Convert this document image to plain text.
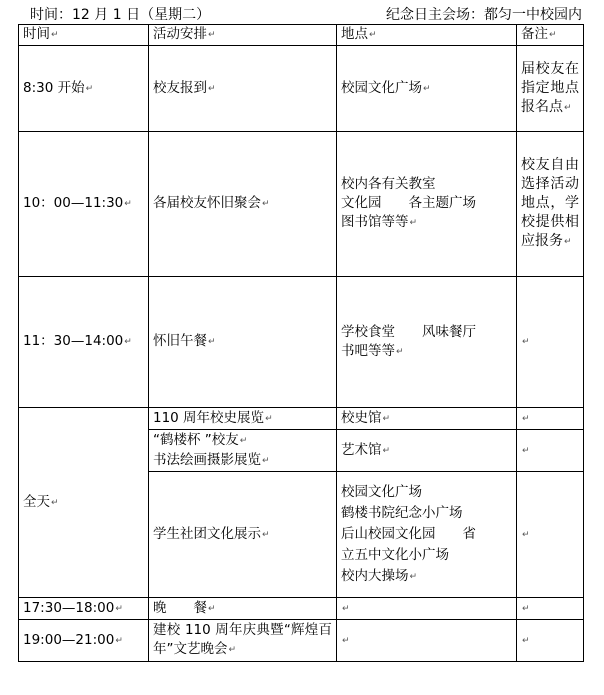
时间：12 月 1 日（星期二）	纪念日主会场：都匀一中校园内
时间↵	活动安排↵	地点↵	备注↵
8:30 开始↵	校友报到↵	校园文化广场↵	届校友在指定地点报名点↵
10：00—11:30↵	各届校友怀旧聚会↵	校内各有关教室
文化园　　各主题广场
图书馆等等↵	校友自由选择活动地点，学校提供相应报务↵
11：30—14:00↵	怀旧午餐↵	学校食堂　　风味餐厅
书吧等等↵	↵
全天↵	110 周年校史展览↵	校史馆↵	↵

	“鹤楼杯 ”校友↵
书法绘画摄影展览↵	艺术馆↵	↵
	学生社团文化展示↵	校园文化广场
鹤楼书院纪念小广场
后山校园文化园　　省
立五中文化小广场
校内大操场↵	↵
17:30—18:00↵	晚　　餐↵	↵	↵
19:00—21:00↵	建校 110 周年庆典暨“辉煌百年”文艺晚会↵	↵	↵
